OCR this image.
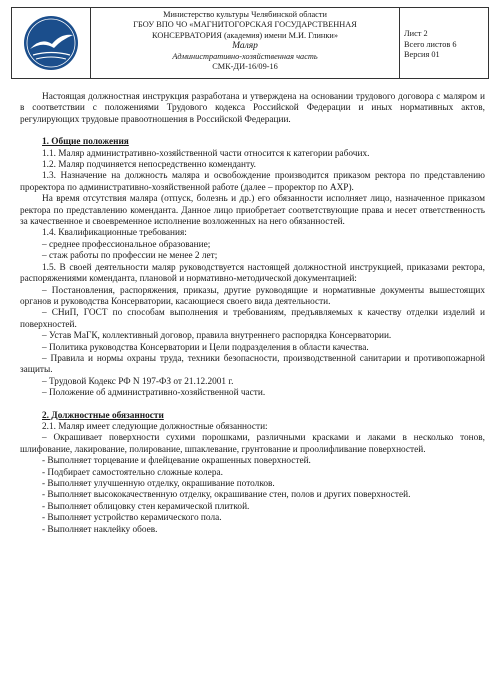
Министерство культуры Челябинской области
ГБОУ ВПО ЧО «МАГНИТОГОРСКАЯ ГОСУДАРСТВЕННАЯ
КОНСЕРВАТОРИЯ (академия) имени М.И. Глинки»
Маляр
Административно-хозяйственная часть
СМК-ДИ-16/09-16
Лист 2
Всего листов 6
Версия 01

Настоящая должностная инструкция разработана и утверждена на основании трудового договора с маляром и в соответствии с положениями Трудового кодекса Российской Федерации и иных нормативных актов, регулирующих трудовые правоотношения в Российской Федерации.

1. Общие положения

1.1. Маляр административно-хозяйственной части относится к категории рабочих.

1.2. Маляр подчиняется непосредственно коменданту.

1.3. Назначение на должность маляра и освобождение производится приказом ректора по представлению проректора по административно-хозяйственной работе (далее – проректор по АХР).

На время отсутствия маляра (отпуск, болезнь и др.) его обязанности исполняет лицо, назначенное приказом ректора по представлению коменданта. Данное лицо приобретает соответствующие права и несет ответственность за качественное и своевременное исполнение возложенных на него обязанностей.

1.4. Квалификационные требования:

– среднее профессиональное образование;

– стаж работы по профессии не менее 2 лет;

1.5. В своей деятельности маляр руководствуется настоящей должностной инструкцией, приказами ректора, распоряжениями коменданта, плановой и нормативно-методической документацией:

– Постановления, распоряжения, приказы, другие руководящие и нормативные документы вышестоящих органов и руководства Консерватории, касающиеся своего вида деятельности.

– СНиП, ГОСТ по способам выполнения и требованиям, предъявляемых к качеству отделки изделий и поверхностей.

– Устав МаГК, коллективный договор, правила внутреннего распорядка Консерватории.

– Политика руководства Консерватории и Цели подразделения в области качества.

– Правила и нормы охраны труда, техники безопасности, производственной санитарии и противопожарной защиты.

– Трудовой Кодекс РФ N 197-ФЗ от 21.12.2001 г.

– Положение об административно-хозяйственной части.

2. Должностные обязанности

2.1. Маляр имеет следующие должностные обязанности:

– Окрашивает поверхности сухими порошками, различными красками и лаками в несколько тонов, шлифование, лакирование, полирование, шпаклевание, грунтование и проолифливание поверхностей.

- Выполняет торцевание и флейцевание окрашенных поверхностей.

- Подбирает самостоятельно сложные колера.

- Выполняет улучшенную отделку, окрашивание потолков.

- Выполняет высококачественную отделку, окрашивание стен, полов и других поверхностей.

- Выполняет облицовку стен керамической плиткой.

- Выполняет устройство керамического пола.

- Выполняет наклейку обоев.
